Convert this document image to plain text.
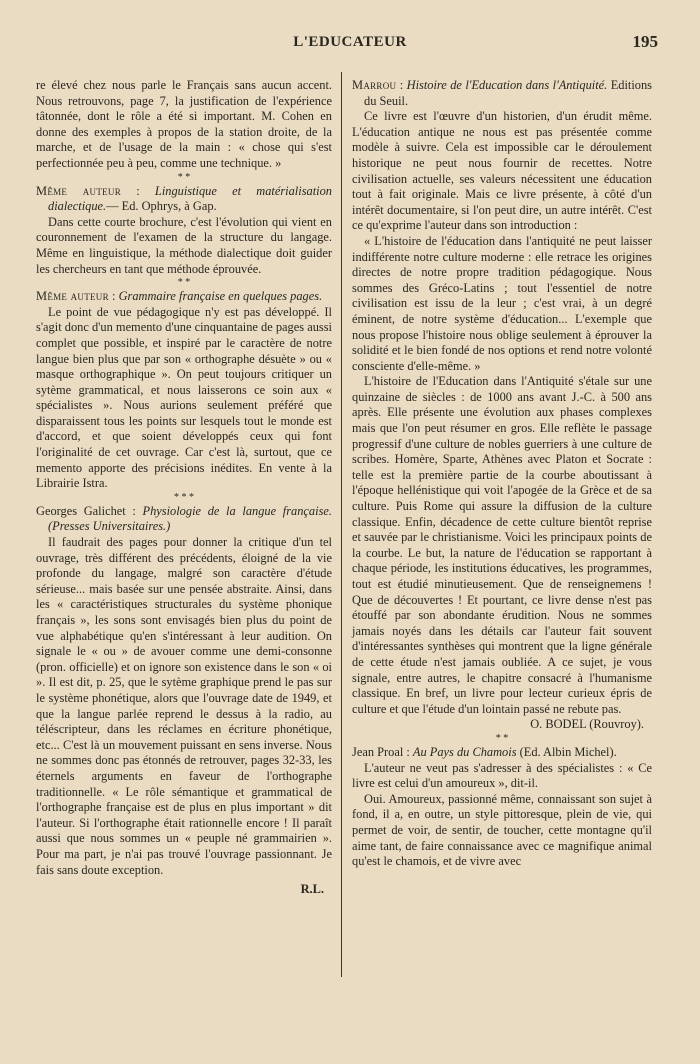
L'EDUCATEUR	195

re élevé chez nous parle le Français sans aucun accent. Nous retrouvons, page 7, la justification de l'expérience tâtonnée, dont le rôle a été si important. M. Cohen en donne des exemples à propos de la station droite, de la marche, et de l'usage de la main : « chose qui s'est perfectionnée peu à peu, comme une technique. »

* *

Même auteur : Linguistique et matérialisation dialectique.— Ed. Ophrys, à Gap.

Dans cette courte brochure, c'est l'évolution qui vient en couronnement de l'examen de la structure du langage. Même en linguistique, la méthode dialectique doit guider les chercheurs en tant que méthode éprouvée.

* *

Même auteur : Grammaire française en quelques pages.

Le point de vue pédagogique n'y est pas développé. Il s'agit donc d'un memento d'une cinquantaine de pages aussi complet que possible, et inspiré par le caractère de notre langue bien plus que par son « orthographe désuète » ou « masque orthographique ». On peut toujours critiquer un sytème grammatical, et nous laisserons ce soin aux « spécialistes ». Nous aurions seulement préféré que disparaissent tous les points sur lesquels tout le monde est d'accord, et que soient développés ceux qui font l'originalité de cet ouvrage. Car c'est là, surtout, que ce memento apporte des précisions inédites. En vente à la Librairie Istra.

* * *

Georges Galichet : Physiologie de la langue française. (Presses Universitaires.)

Il faudrait des pages pour donner la critique d'un tel ouvrage, très différent des précédents, éloigné de la vie profonde du langage, malgré son caractère d'étude sérieuse... mais basée sur une pensée abstraite. Ainsi, dans les « caractéristiques structurales du système phonique français », les sons sont envisagés bien plus du point de vue alphabétique qu'en s'intéressant à leur audition. On signale le « ou » de avouer comme une demi-consonne (pron. officielle) et on ignore son existence dans le son « oi ». Il est dit, p. 25, que le sytème graphique prend le pas sur le système phonétique, alors que l'ouvrage date de 1949, et que la langue parlée reprend le dessus à la radio, au téléscripteur, dans les réclames en écriture phonétique, etc... C'est là un mouvement puissant en sens inverse. Nous ne sommes donc pas étonnés de retrouver, pages 32-33, les éternels arguments en faveur de l'orthographe traditionnelle. « Le rôle sémantique et grammatical de l'orthographe française est de plus en plus important » dit l'auteur. Si l'orthographe était rationnelle encore ! Il paraît aussi que nous sommes un « peuple né grammairien ». Pour ma part, je n'ai pas trouvé l'ouvrage passionnant. Je fais sans doute exception.

R.L.

Marrou : Histoire de l'Education dans l'Antiquité. Editions du Seuil.

Ce livre est l'œuvre d'un historien, d'un érudit même. L'éducation antique ne nous est pas présentée comme modèle à suivre. Cela est impossible car le déroulement historique ne peut nous fournir de recettes. Notre civilisation actuelle, ses valeurs nécessitent une éducation tout à fait originale. Mais ce livre présente, à côté d'un intérêt documentaire, si l'on peut dire, un autre intérêt. C'est ce qu'exprime l'auteur dans son introduction :

« L'histoire de l'éducation dans l'antiquité ne peut laisser indifférente notre culture moderne : elle retrace les origines directes de notre propre tradition pédagogique. Nous sommes des Gréco-Latins ; tout l'essentiel de notre civilisation est issu de la leur ; c'est vrai, à un degré éminent, de notre système d'éducation... L'exemple que nous propose l'histoire nous oblige seulement à éprouver la solidité et le bien fondé de nos options et rend notre volonté consciente d'elle-même. »

L'histoire de l'Education dans l'Antiquité s'étale sur une quinzaine de siècles : de 1000 ans avant J.-C. à 500 ans après. Elle présente une évolution aux phases complexes mais que l'on peut résumer en gros. Elle reflète le passage progressif d'une culture de nobles guerriers à une culture de scribes. Homère, Sparte, Athènes avec Platon et Socrate : telle est la première partie de la courbe aboutissant à l'époque hellénistique qui voit l'apogée de la Grèce et de sa culture. Puis Rome qui assure la diffusion de la culture classique. Enfin, décadence de cette culture bientôt reprise et sauvée par le christianisme. Voici les principaux points de la courbe. Le but, la nature de l'éducation se rapportant à chaque période, les institutions éducatives, les programmes, tout est étudié minutieusement. Que de renseignemens ! Que de découvertes ! Et pourtant, ce livre dense n'est pas étouffé par son abondante érudition. Nous ne sommes jamais noyés dans les détails car l'auteur fait souvent d'intéressantes synthèses qui montrent que la ligne générale de cette étude n'est jamais oubliée. A ce sujet, je vous signale, entre autres, le chapitre consacré à l'humanisme classique. En bref, un livre pour lecteur curieux épris de culture et que l'étude d'un lointain passé ne rebute pas.

O. BODEL (Rouvroy).

* *

Jean Proal : Au Pays du Chamois (Ed. Albin Michel).

L'auteur ne veut pas s'adresser à des spécialistes : « Ce livre est celui d'un amoureux », dit-il.

Oui. Amoureux, passionné même, connaissant son sujet à fond, il a, en outre, un style pittoresque, plein de vie, qui permet de voir, de sentir, de toucher, cette montagne qu'il aime tant, de faire connaissance avec ce magnifique animal qu'est le chamois, et de vivre avec
